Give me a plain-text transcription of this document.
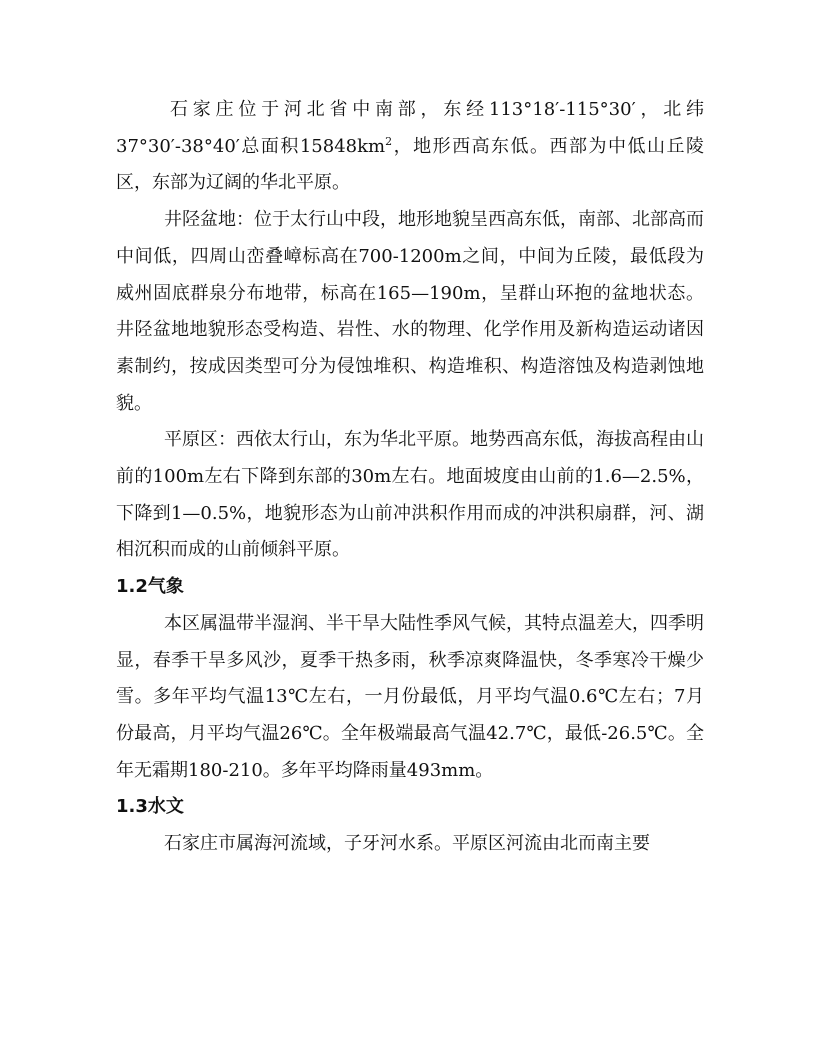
石家庄位于河北省中南部，东经113°18′-115°30′，北纬37°30′-38°40′总面积$15848km^2$，地形西高东低。西部为中低山丘陵区，东部为辽阔的华北平原。

井陉盆地：位于太行山中段，地形地貌呈西高东低，南部、北部高而中间低，四周山峦叠嶂标高在700-1200m之间，中间为丘陵，最低段为威州固底群泉分布地带，标高在165—190m，呈群山环抱的盆地状态。井陉盆地地貌形态受构造、岩性、水的物理、化学作用及新构造运动诸因素制约，按成因类型可分为侵蚀堆积、构造堆积、构造溶蚀及构造剥蚀地貌。

平原区：西依太行山，东为华北平原。地势西高东低，海拔高程由山前的100m左右下降到东部的30m左右。地面坡度由山前的1.6—2.5%，下降到1—0.5%，地貌形态为山前冲洪积作用而成的冲洪积扇群，河、湖相沉积而成的山前倾斜平原。

1.2气象

本区属温带半湿润、半干旱大陆性季风气候，其特点温差大，四季明显，春季干旱多风沙，夏季干热多雨，秋季凉爽降温快，冬季寒冷干燥少雪。多年平均气温13℃左右，一月份最低，月平均气温0.6℃左右；7月份最高，月平均气温26℃。全年极端最高气温42.7℃，最低-26.5℃。全年无霜期180-210。多年平均降雨量493mm。

1.3水文

石家庄市属海河流域，子牙河水系。平原区河流由北而南主要
